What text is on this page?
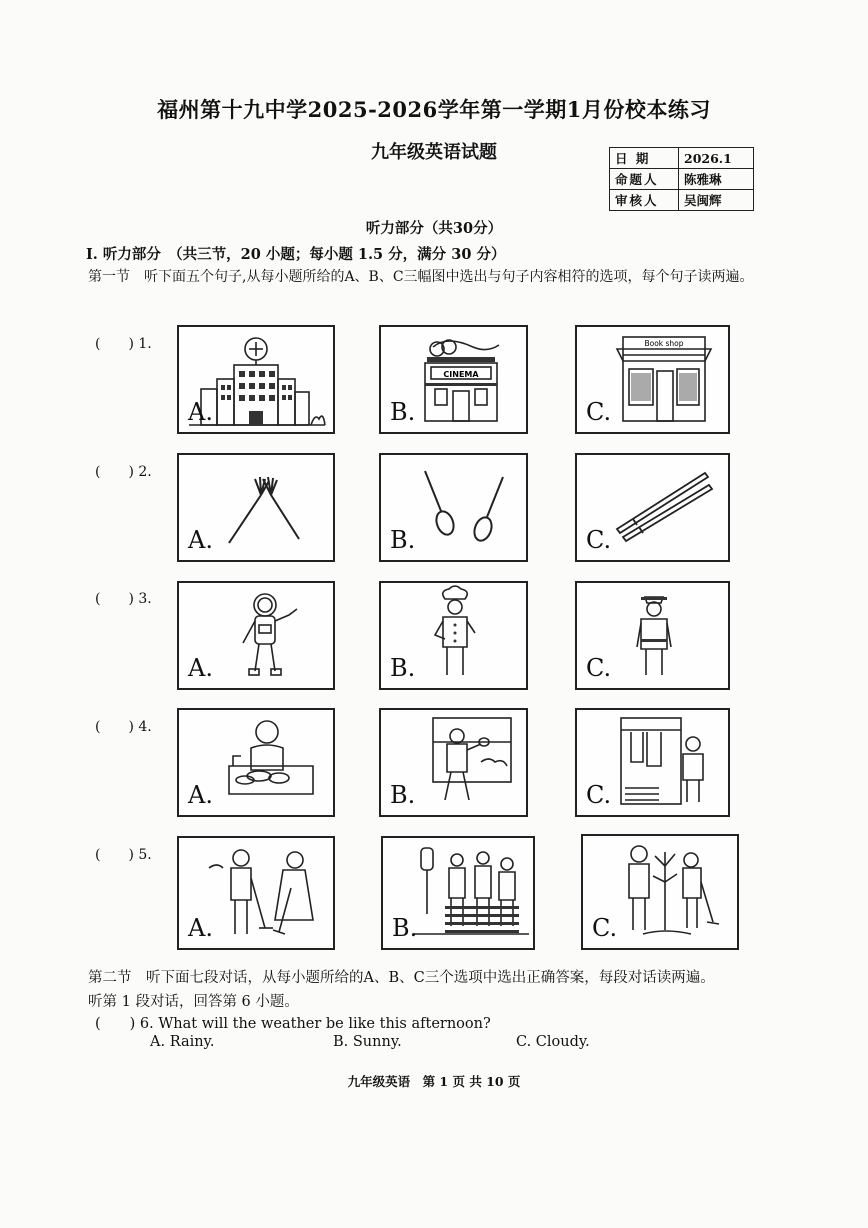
福州第十九中学2025-2026学年第一学期1月份校本练习
九年级英语试题	日 期	2026.1
命题人	陈雅琳
审核人	吴闽辉
听力部分（共30分）
I. 听力部分　（共三节，20 小题；每小题 1.5 分，满分 30 分）
第一节　听下面五个句子,从每小题所给的A、B、C三幅图中选出与句子内容相符的选项，每个句子读两遍。
(　　) 1.
(　　) 2.
(　　) 3.
(　　) 4.
(　　) 5.
A.
CINEMA
B.
Book shop
C.
A.	B.	C.
A.	B.	C.
A.	B.	C.
A.	B.	C.
第二节　听下面七段对话，从每小题所给的A、B、C三个选项中选出正确答案，每段对话读两遍。
听第 1 段对话，回答第 6 小题。
(　　) 6. What will the weather be like this afternoon?
A. Rainy.	B. Sunny.	C. Cloudy.
九年级英语　第 1 页 共 10 页
